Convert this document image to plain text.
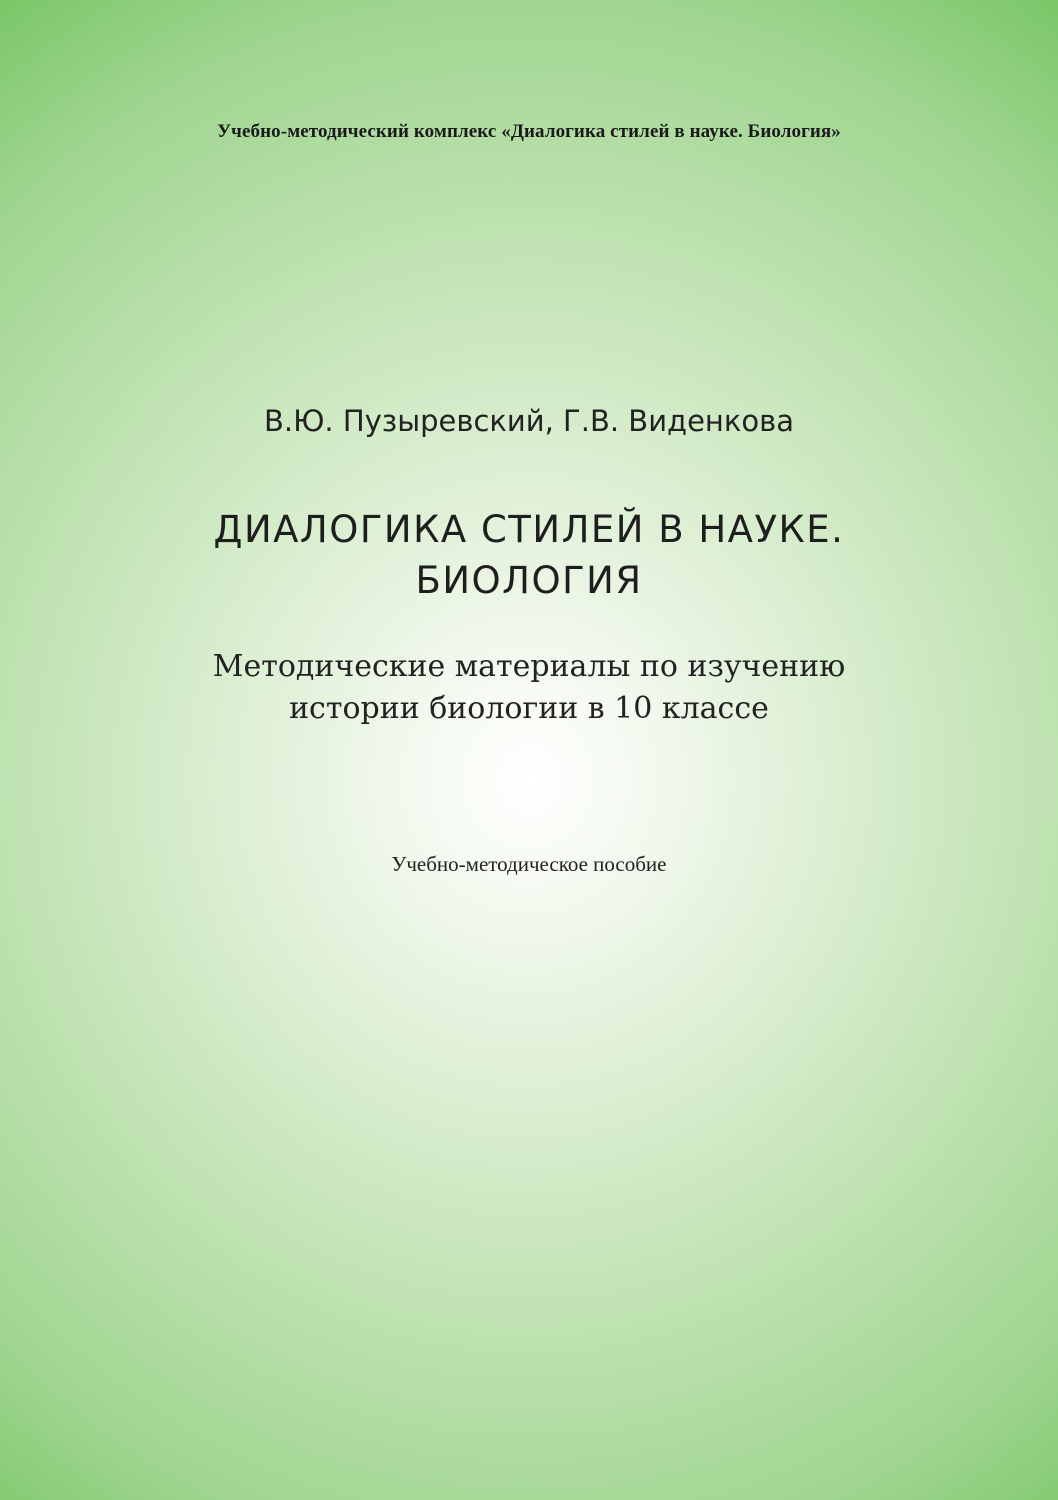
Учебно-методический комплекс «Диалогика стилей в науке. Биология»
В.Ю. Пузыревский, Г.В. Виденкова
ДИАЛОГИКА СТИЛЕЙ В НАУКЕ.
БИОЛОГИЯ
Методические материалы по изучению
истории биологии в 10 классе
Учебно-методическое пособие
